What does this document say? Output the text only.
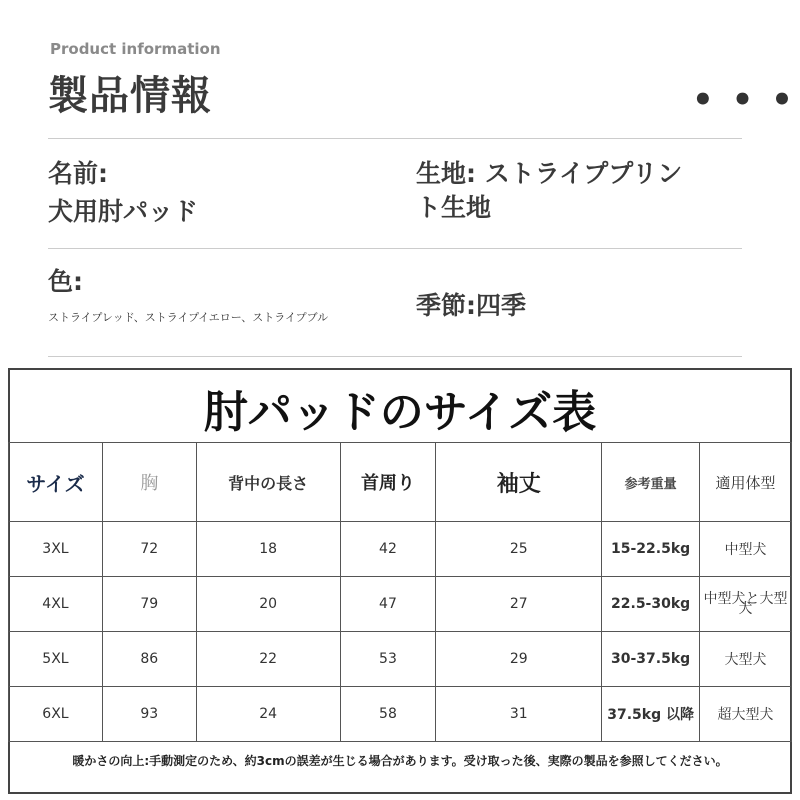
Product information
製品情報	• • •
名前:
犬用肘パッド
生地: ストライププリン
ト生地
色:
ストライプレッド、ストライプイエロー、ストライプブル	季節:四季
肘パッドのサイズ表
サイズ	胸	背中の長さ	首周り	袖丈	参考重量	適用体型
3XL	72	18	42	25	15-22.5kg	中型犬
4XL	79	20	47	27	22.5-30kg	中型犬と大型犬
5XL	86	22	53	29	30-37.5kg	大型犬
6XL	93	24	58	31	37.5kg 以降	超大型犬
暖かさの向上:手動測定のため、約3cmの誤差が生じる場合があります。受け取った後、実際の製品を参照してください。
